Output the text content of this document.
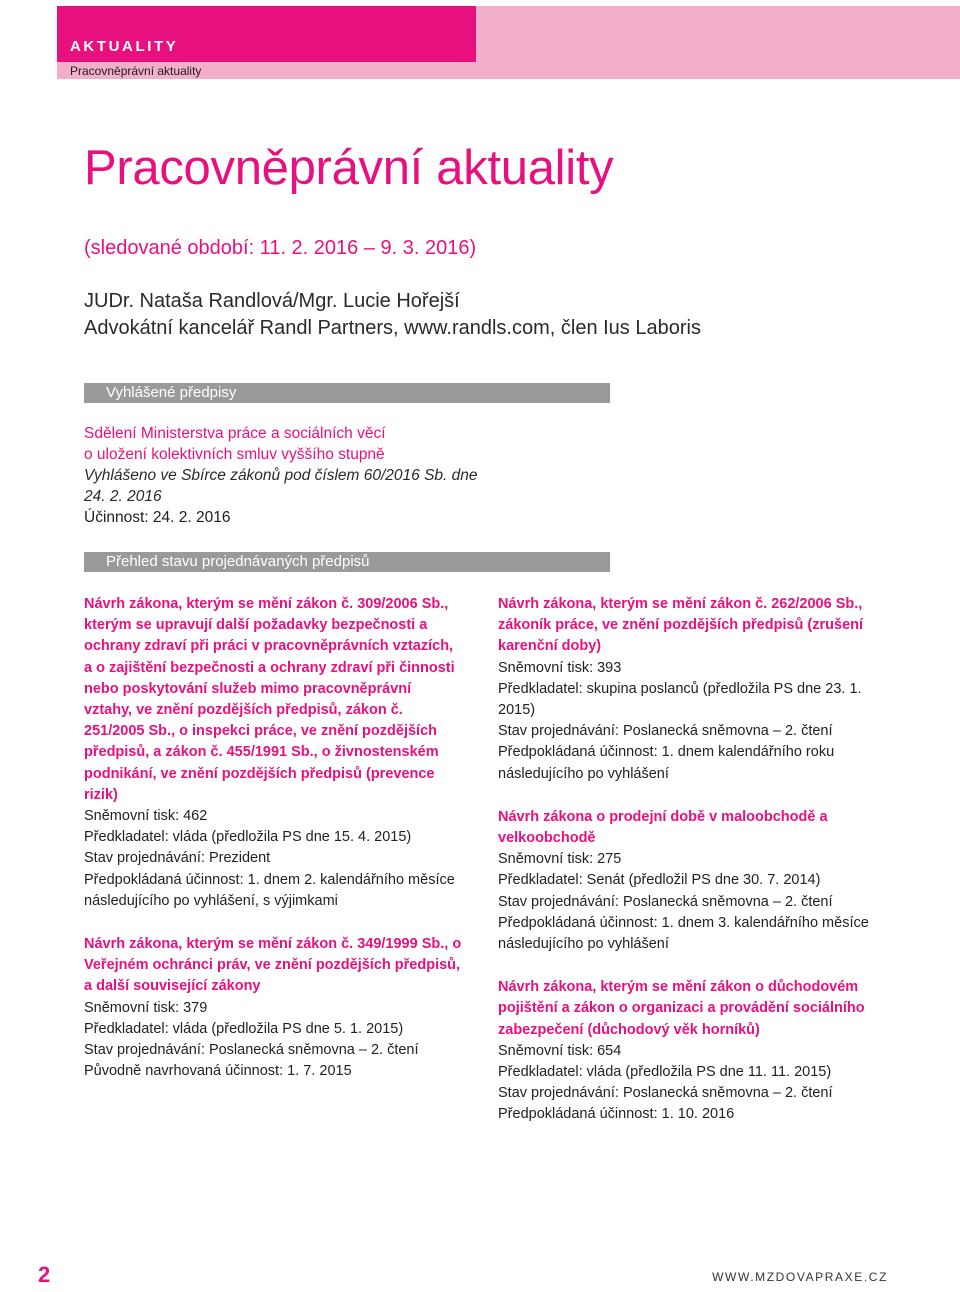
AKTUALITY
Pracovněprávní aktuality
Pracovněprávní aktuality
(sledované období: 11. 2. 2016 – 9. 3. 2016)
JUDr. Nataša Randlová/Mgr. Lucie Hořejší
Advokátní kancelář Randl Partners, www.randls.com, člen Ius Laboris
Vyhlášené předpisy
Sdělení Ministerstva práce a sociálních věcí
o uložení kolektivních smluv vyššího stupně
Vyhlášeno ve Sbírce zákonů pod číslem 60/2016 Sb. dne
24. 2. 2016
Účinnost: 24. 2. 2016
Přehled stavu projednávaných předpisů
Návrh zákona, kterým se mění zákon č. 309/2006 Sb., kterým se upravují další požadavky bezpečnosti a ochrany zdraví při práci v pracovněprávních vztazích, a o zajištění bezpečnosti a ochrany zdraví při činnosti nebo poskytování služeb mimo pracovněprávní vztahy, ve znění pozdějších předpisů, zákon č. 251/2005 Sb., o inspekci práce, ve znění pozdějších předpisů, a zákon č. 455/1991 Sb., o živnostenském podnikání, ve znění pozdějších předpisů (prevence rizik)
Sněmovní tisk: 462
Předkladatel: vláda (předložila PS dne 15. 4. 2015)
Stav projednávání: Prezident
Předpokládaná účinnost: 1. dnem 2. kalendářního měsíce následujícího po vyhlášení, s výjimkami
Návrh zákona, kterým se mění zákon č. 349/1999 Sb., o Veřejném ochránci práv, ve znění pozdějších předpisů, a další související zákony
Sněmovní tisk: 379
Předkladatel: vláda (předložila PS dne 5. 1. 2015)
Stav projednávání: Poslanecká sněmovna – 2. čtení
Původně navrhovaná účinnost: 1. 7. 2015
Návrh zákona, kterým se mění zákon č. 262/2006 Sb., zákoník práce, ve znění pozdějších předpisů (zrušení karenční doby)
Sněmovní tisk: 393
Předkladatel: skupina poslanců (předložila PS dne 23. 1. 2015)
Stav projednávání: Poslanecká sněmovna – 2. čtení
Předpokládaná účinnost: 1. dnem kalendářního roku následujícího po vyhlášení
Návrh zákona o prodejní době v maloobchodě a velkoobchodě
Sněmovní tisk: 275
Předkladatel: Senát (předložil PS dne 30. 7. 2014)
Stav projednávání: Poslanecká sněmovna – 2. čtení
Předpokládaná účinnost: 1. dnem 3. kalendářního měsíce následujícího po vyhlášení
Návrh zákona, kterým se mění zákon o důchodovém pojištění a zákon o organizaci a provádění sociálního zabezpečení (důchodový věk horníků)
Sněmovní tisk: 654
Předkladatel: vláda (předložila PS dne 11. 11. 2015)
Stav projednávání: Poslanecká sněmovna – 2. čtení
Předpokládaná účinnost: 1. 10. 2016
2	WWW.MZDOVAPRAXE.CZ
